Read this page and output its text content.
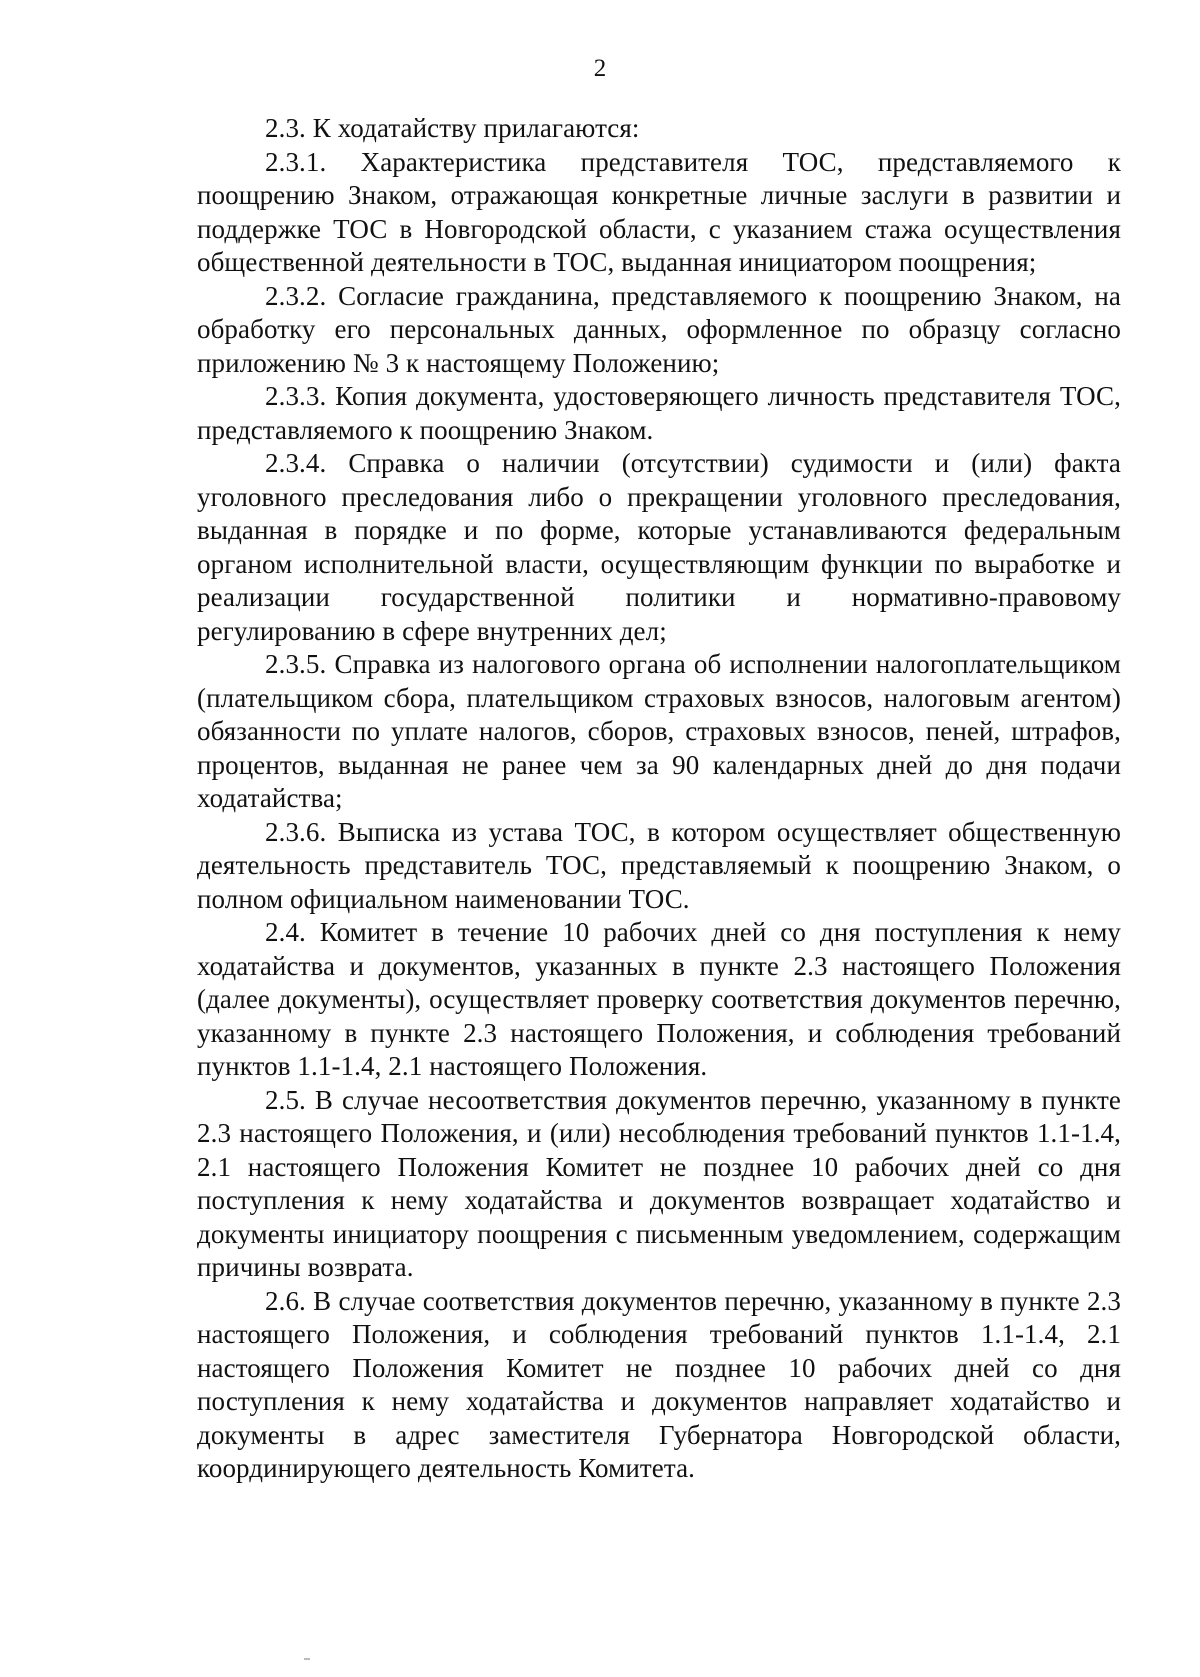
2

2.3. К ходатайству прилагаются:

2.3.1. Характеристика представителя ТОС, представляемого к поощрению Знаком, отражающая конкретные личные заслуги в развитии и поддержке ТОС в Новгородской области, с указанием стажа осуществления общественной деятельности в ТОС, выданная инициатором поощрения;

2.3.2. Согласие гражданина, представляемого к поощрению Знаком, на обработку его персональных данных, оформленное по образцу согласно приложению № 3 к настоящему Положению;

2.3.3. Копия документа, удостоверяющего личность представителя ТОС, представляемого к поощрению Знаком.

2.3.4. Справка о наличии (отсутствии) судимости и (или) факта уголовного преследования либо о прекращении уголовного преследования, выданная в порядке и по форме, которые устанавливаются федеральным органом исполнительной власти, осуществляющим функции по выработке и реализации государственной политики и нормативно-правовому регулированию в сфере внутренних дел;

2.3.5. Справка из налогового органа об исполнении налогоплательщиком (плательщиком сбора, плательщиком страховых взносов, налоговым агентом) обязанности по уплате налогов, сборов, страховых взносов, пеней, штрафов, процентов, выданная не ранее чем за 90 календарных дней до дня подачи ходатайства;

2.3.6. Выписка из устава ТОС, в котором осуществляет общественную деятельность представитель ТОС, представляемый к поощрению Знаком, о полном официальном наименовании ТОС.

2.4. Комитет в течение 10 рабочих дней со дня поступления к нему ходатайства и документов, указанных в пункте 2.3 настоящего Положения (далее документы), осуществляет проверку соответствия документов перечню, указанному в пункте 2.3 настоящего Положения, и соблюдения требований пунктов 1.1-1.4, 2.1 настоящего Положения.

2.5. В случае несоответствия документов перечню, указанному в пункте 2.3 настоящего Положения, и (или) несоблюдения требований пунктов 1.1-1.4, 2.1 настоящего Положения Комитет не позднее 10 рабочих дней со дня поступления к нему ходатайства и документов возвращает ходатайство и документы инициатору поощрения с письменным уведомлением, содержащим причины возврата.

2.6. В случае соответствия документов перечню, указанному в пункте 2.3 настоящего Положения, и соблюдения требований пунктов 1.1-1.4, 2.1 настоящего Положения Комитет не позднее 10 рабочих дней со дня поступления к нему ходатайства и документов направляет ходатайство и документы в адрес заместителя Губернатора Новгородской области, координирующего деятельность Комитета.
